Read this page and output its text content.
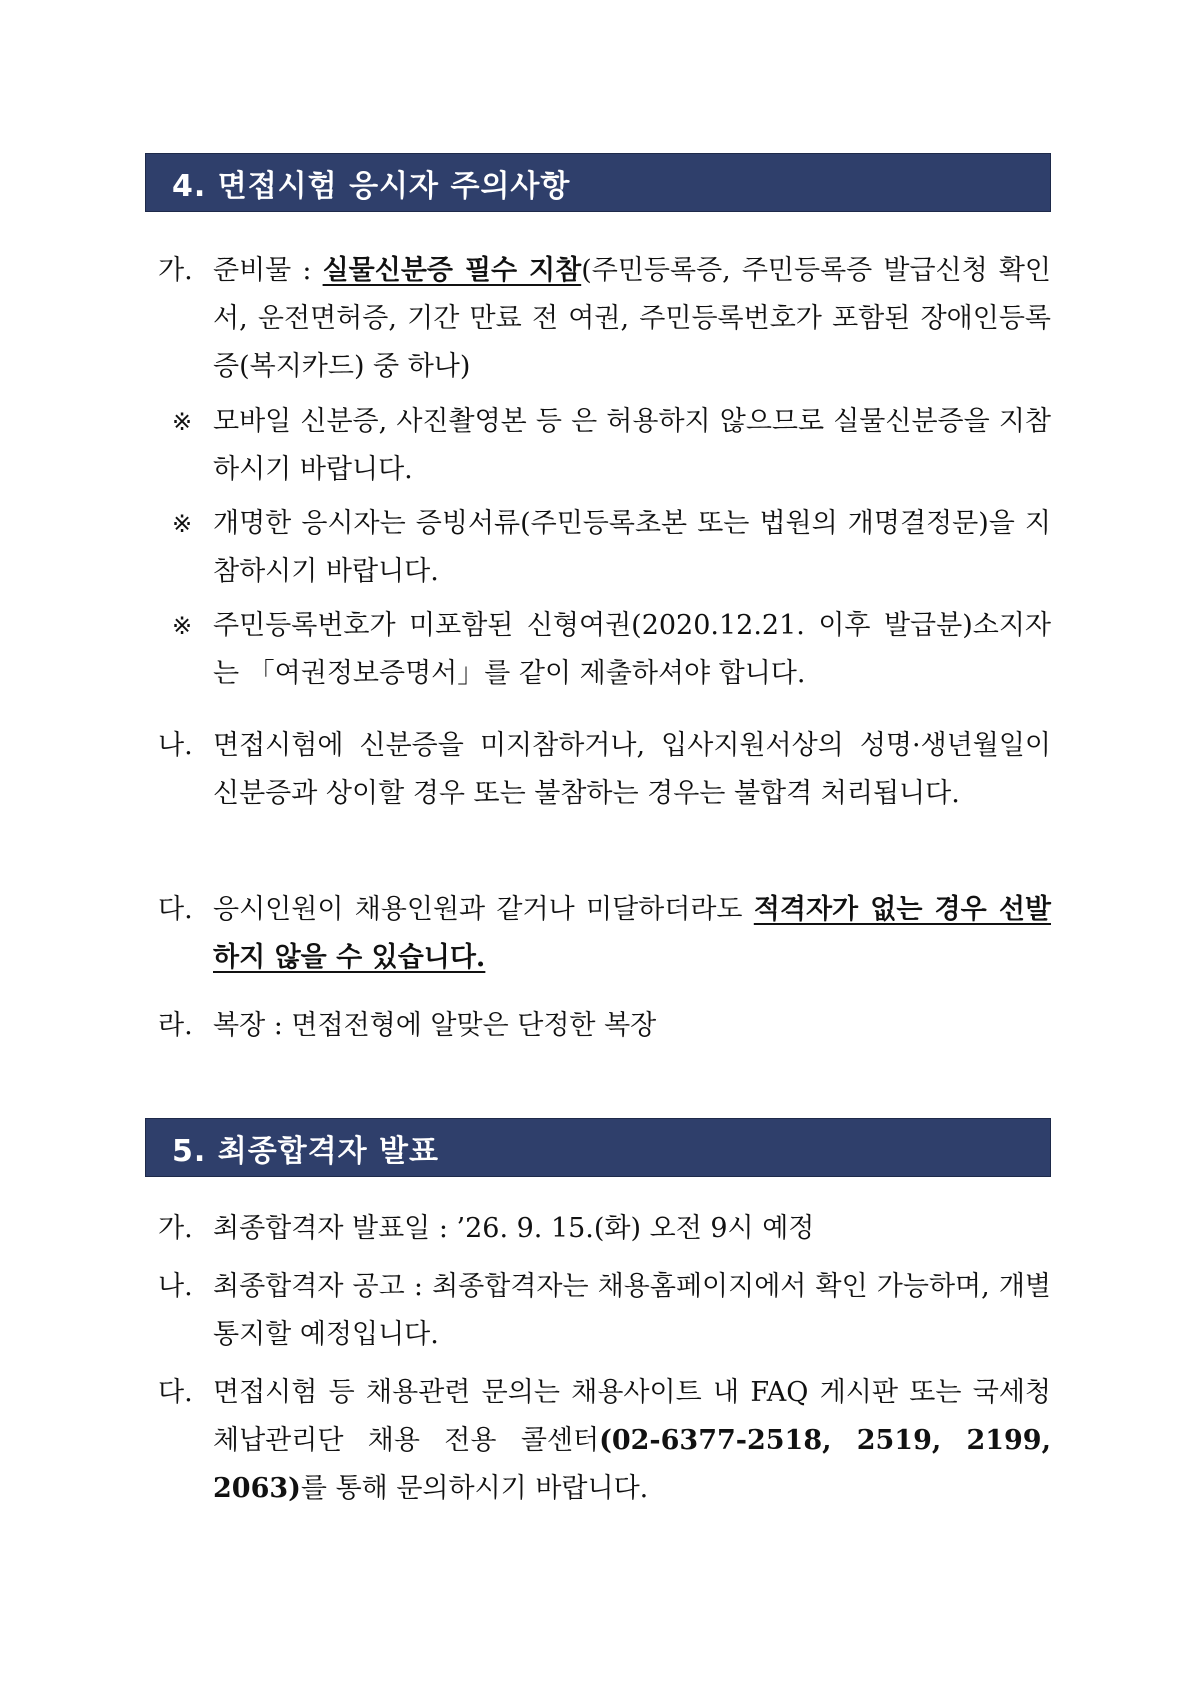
4. 면접시험 응시자 주의사항
가. 준비물 : 실물신분증 필수 지참(주민등록증, 주민등록증 발급신청 확인서, 운전면허증, 기간 만료 전 여권, 주민등록번호가 포함된 장애인등록증(복지카드) 중 하나)
※ 모바일 신분증, 사진촬영본 등 은 허용하지 않으므로 실물신분증을 지참하시기 바랍니다.
※ 개명한 응시자는 증빙서류(주민등록초본 또는 법원의 개명결정문)을 지참하시기 바랍니다.
※ 주민등록번호가 미포함된 신형여권(2020.12.21. 이후 발급분)소지자는 「여권정보증명서」를 같이 제출하셔야 합니다.
나. 면접시험에 신분증을 미지참하거나, 입사지원서상의 성명·생년월일이 신분증과 상이할 경우 또는 불참하는 경우는 불합격 처리됩니다.
다. 응시인원이 채용인원과 같거나 미달하더라도 적격자가 없는 경우 선발하지 않을 수 있습니다.
라. 복장 : 면접전형에 알맞은 단정한 복장
5. 최종합격자 발표
가. 최종합격자 발표일 : ’26. 9. 15.(화) 오전 9시 예정
나. 최종합격자 공고 : 최종합격자는 채용홈페이지에서 확인 가능하며, 개별 통지할 예정입니다.
다. 면접시험 등 채용관련 문의는 채용사이트 내 FAQ 게시판 또는 국세청 체납관리단 채용 전용 콜센터(02-6377-2518, 2519, 2199, 2063)를 통해 문의하시기 바랍니다.
